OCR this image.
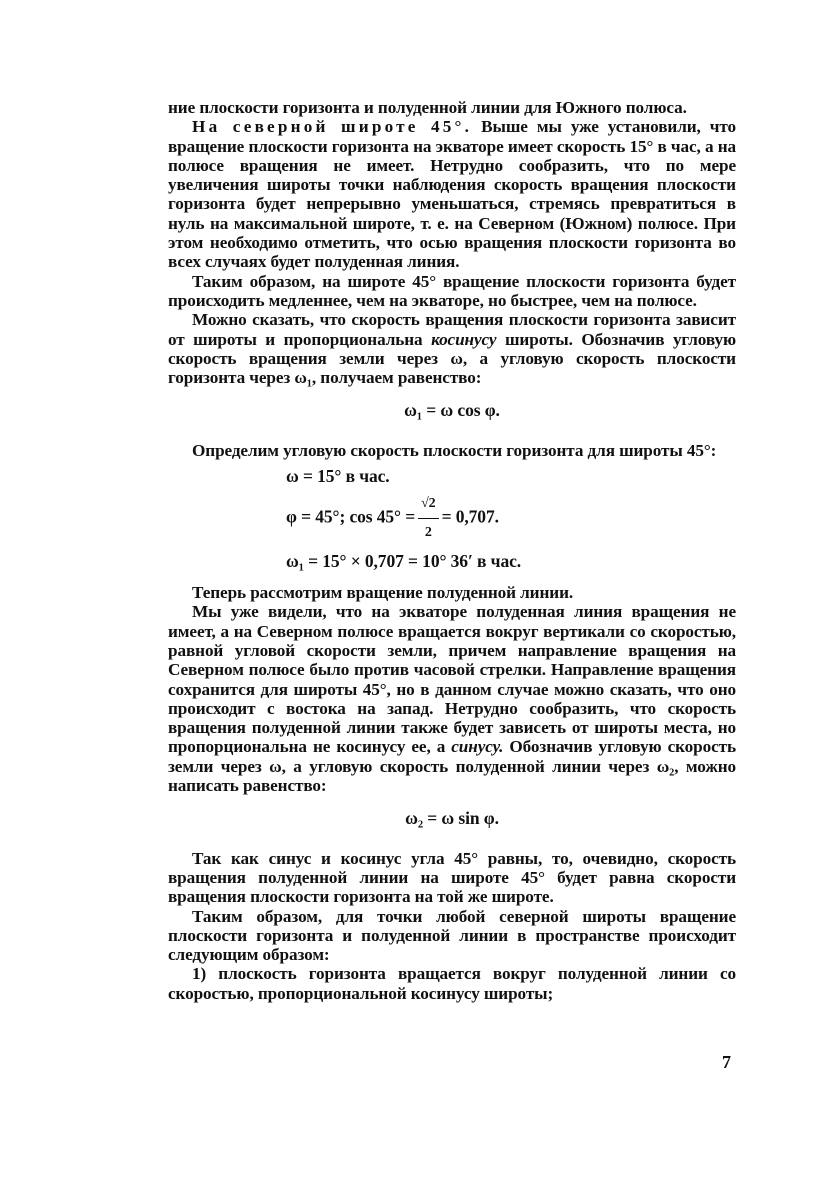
ние плоскости горизонта и полуденной линии для Южного полюса.

На северной широте 45°. Выше мы уже установили, что вращение плоскости горизонта на экваторе имеет скорость 15° в час, а на полюсе вращения не имеет. Нетрудно сообразить, что по мере увеличения широты точки наблюдения скорость вращения плоскости горизонта будет непрерывно уменьшаться, стремясь превратиться в нуль на максимальной широте, т. е. на Северном (Южном) полюсе. При этом необходимо отметить, что осью вращения плоскости горизонта во всех случаях будет полуденная линия.

Таким образом, на широте 45° вращение плоскости горизонта будет происходить медленнее, чем на экваторе, но быстрее, чем на полюсе.

Можно сказать, что скорость вращения плоскости горизонта зависит от широты и пропорциональна косинусу широты. Обозначив угловую скорость вращения земли через ω, а угловую скорость плоскости горизонта через ω₁, получаем равенство:

ω₁ = ω cos φ.

Определим угловую скорость плоскости горизонта для широты 45°:

ω = 15° в час.
φ = 45°; $\cos 45^\circ = \frac{√2}{2} = 0,707$.
ω₁ = 15° × 0,707 = 10° 36′ в час.

Теперь рассмотрим вращение полуденной линии.

Мы уже видели, что на экваторе полуденная линия вращения не имеет, а на Северном полюсе вращается вокруг вертикали со скоростью, равной угловой скорости земли, причем направление вращения на Северном полюсе было против часовой стрелки. Направление вращения сохранится для широты 45°, но в данном случае можно сказать, что оно происходит с востока на запад. Нетрудно сообразить, что скорость вращения полуденной линии также будет зависеть от широты места, но пропорциональна не косинусу ее, а синусу. Обозначив угловую скорость земли через ω, а угловую скорость полуденной линии через ω₂, можно написать равенство:

ω₂ = ω sin φ.

Так как синус и косинус угла 45° равны, то, очевидно, скорость вращения полуденной линии на широте 45° будет равна скорости вращения плоскости горизонта на той же широте.

Таким образом, для точки любой северной широты вращение плоскости горизонта и полуденной линии в пространстве происходит следующим образом:

1) плоскость горизонта вращается вокруг полуденной линии со скоростью, пропорциональной косинусу широты;

7
